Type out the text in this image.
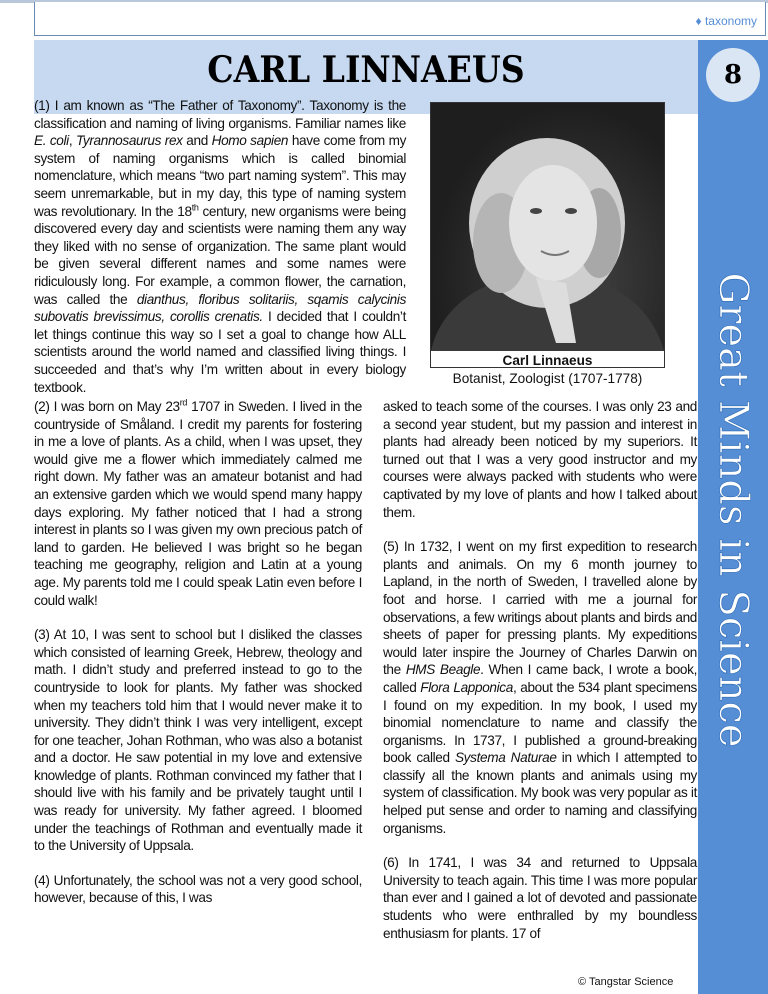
♦ taxonomy
CARL LINNAEUS	8
Great Minds in Science

(1) I am known as “The Father of Taxonomy”. Taxonomy is the classification and naming of living organisms. Familiar names like E. coli, Tyrannosaurus rex and Homo sapien have come from my system of naming organisms which is called binomial nomenclature, which means “two part naming system”. This may seem unremarkable, but in my day, this type of naming system was revolutionary. In the 18th century, new organisms were being discovered every day and scientists were naming them any way they liked with no sense of organization. The same plant would be given several different names and some names were ridiculously long. For example, a common flower, the carnation, was called the dianthus, floribus solitariis, sqamis calycinis subovatis brevissimus, corollis crenatis. I decided that I couldn’t let things continue this way so I set a goal to change how ALL scientists around the world named and classified living things. I succeeded and that’s why I’m written about in every biology textbook.

Carl Linnaeus
Botanist, Zoologist (1707-1778)

(2) I was born on May 23rd 1707 in Sweden. I lived in the countryside of Småland. I credit my parents for fostering in me a love of plants. As a child, when I was upset, they would give me a flower which immediately calmed me right down. My father was an amateur botanist and had an extensive garden which we would spend many happy days exploring. My father noticed that I had a strong interest in plants so I was given my own precious patch of land to garden. He believed I was bright so he began teaching me geography, religion and Latin at a young age. My parents told me I could speak Latin even before I could walk!

(3) At 10, I was sent to school but I disliked the classes which consisted of learning Greek, Hebrew, theology and math. I didn’t study and preferred instead to go to the countryside to look for plants. My father was shocked when my teachers told him that I would never make it to university. They didn’t think I was very intelligent, except for one teacher, Johan Rothman, who was also a botanist and a doctor. He saw potential in my love and extensive knowledge of plants. Rothman convinced my father that I should live with his family and be privately taught until I was ready for university. My father agreed. I bloomed under the teachings of Rothman and eventually made it to the University of Uppsala.

(4) Unfortunately, the school was not a very good school, however, because of this, I was

asked to teach some of the courses. I was only 23 and a second year student, but my passion and interest in plants had already been noticed by my superiors. It turned out that I was a very good instructor and my courses were always packed with students who were captivated by my love of plants and how I talked about them.

(5) In 1732, I went on my first expedition to research plants and animals. On my 6 month journey to Lapland, in the north of Sweden, I travelled alone by foot and horse. I carried with me a journal for observations, a few writings about plants and birds and sheets of paper for pressing plants. My expeditions would later inspire the Journey of Charles Darwin on the HMS Beagle. When I came back, I wrote a book, called Flora Lapponica, about the 534 plant specimens I found on my expedition. In my book, I used my binomial nomenclature to name and classify the organisms. In 1737, I published a ground-breaking book called Systema Naturae in which I attempted to classify all the known plants and animals using my system of classification. My book was very popular as it helped put sense and order to naming and classifying organisms.

(6) In 1741, I was 34 and returned to Uppsala University to teach again. This time I was more popular than ever and I gained a lot of devoted and passionate students who were enthralled by my boundless enthusiasm for plants. 17 of

© Tangstar Science
